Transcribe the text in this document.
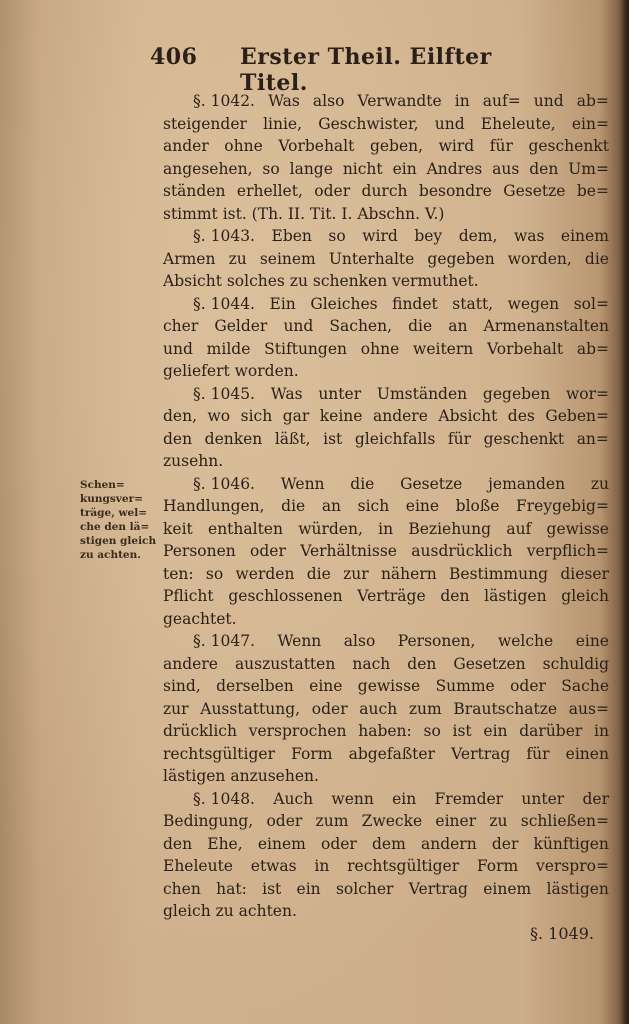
406 Erster Theil. Eilfter Titel.
Schen=
kungsver=
träge, wel=
che den lä=
stigen gleich
zu achten.
§. 1042. Was also Verwandte in auf= und ab=
steigender linie, Geschwister, und Eheleute, ein=
ander ohne Vorbehalt geben, wird für geschenkt
angesehen, so lange nicht ein Andres aus den Um=
ständen erhellet, oder durch besondre Gesetze be=
stimmt ist. (Th. II. Tit. I. Abschn. V.)
§. 1043. Eben so wird bey dem, was einem
Armen zu seinem Unterhalte gegeben worden, die
Absicht solches zu schenken vermuthet.
§. 1044. Ein Gleiches findet statt, wegen sol=
cher Gelder und Sachen, die an Armenanstalten
und milde Stiftungen ohne weitern Vorbehalt ab=
geliefert worden.
§. 1045. Was unter Umständen gegeben wor=
den, wo sich gar keine andere Absicht des Geben=
den denken läßt, ist gleichfalls für geschenkt an=
zusehn.
§. 1046. Wenn die Gesetze jemanden zu
Handlungen, die an sich eine bloße Freygebig=
keit enthalten würden, in Beziehung auf gewisse
Personen oder Verhältnisse ausdrücklich verpflich=
ten: so werden die zur nähern Bestimmung dieser
Pflicht geschlossenen Verträge den lästigen gleich
geachtet.
§. 1047. Wenn also Personen, welche eine
andere auszustatten nach den Gesetzen schuldig
sind, derselben eine gewisse Summe oder Sache
zur Ausstattung, oder auch zum Brautschatze aus=
drücklich versprochen haben: so ist ein darüber in
rechtsgültiger Form abgefaßter Vertrag für einen
lästigen anzusehen.
§. 1048. Auch wenn ein Fremder unter der
Bedingung, oder zum Zwecke einer zu schließen=
den Ehe, einem oder dem andern der künftigen
Eheleute etwas in rechtsgültiger Form verspro=
chen hat: ist ein solcher Vertrag einem lästigen
gleich zu achten.
§. 1049.
